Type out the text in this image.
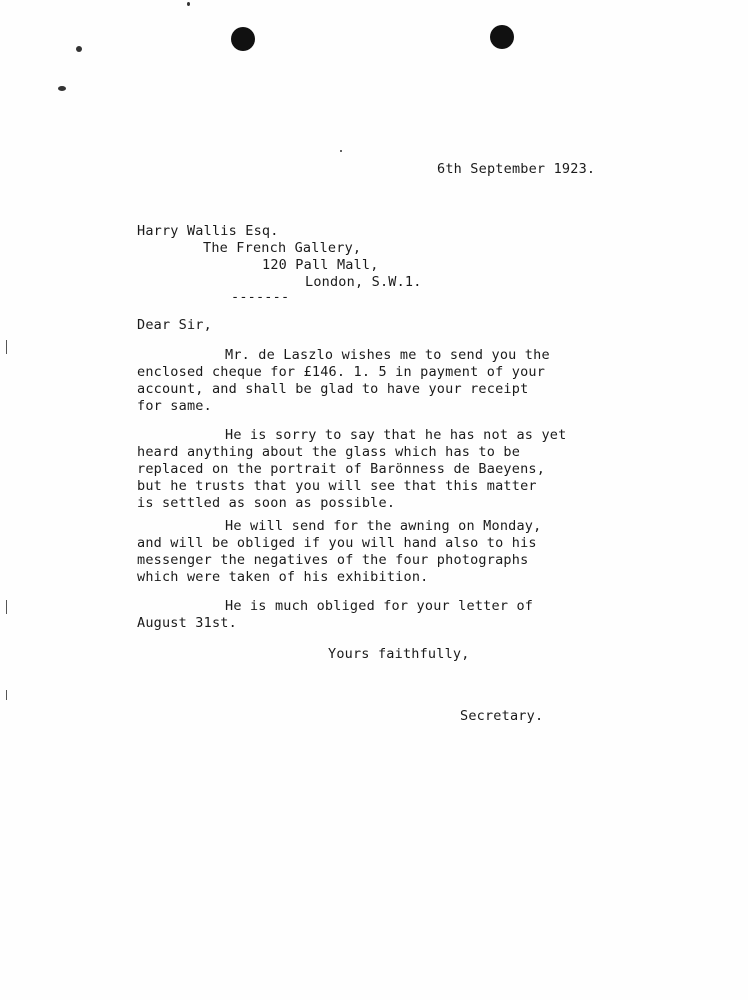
6th September 1923.
Harry Wallis Esq.
The French Gallery,
120 Pall Mall,
London, S.W.1.
-------
Dear Sir,
Mr. de Laszlo wishes me to send you the
enclosed cheque for £146. 1. 5 in payment of your
account, and shall be glad to have your receipt
for same.
He is sorry to say that he has not as yet
heard anything about the glass which has to be
replaced on the portrait of Barönness de Baeyens,
but he trusts that you will see that this matter
is settled as soon as possible.
He will send for the awning on Monday,
and will be obliged if you will hand also to his
messenger the negatives of the four photographs
which were taken of his exhibition.
He is much obliged for your letter of
August 31st.
Yours faithfully,
Secretary.
